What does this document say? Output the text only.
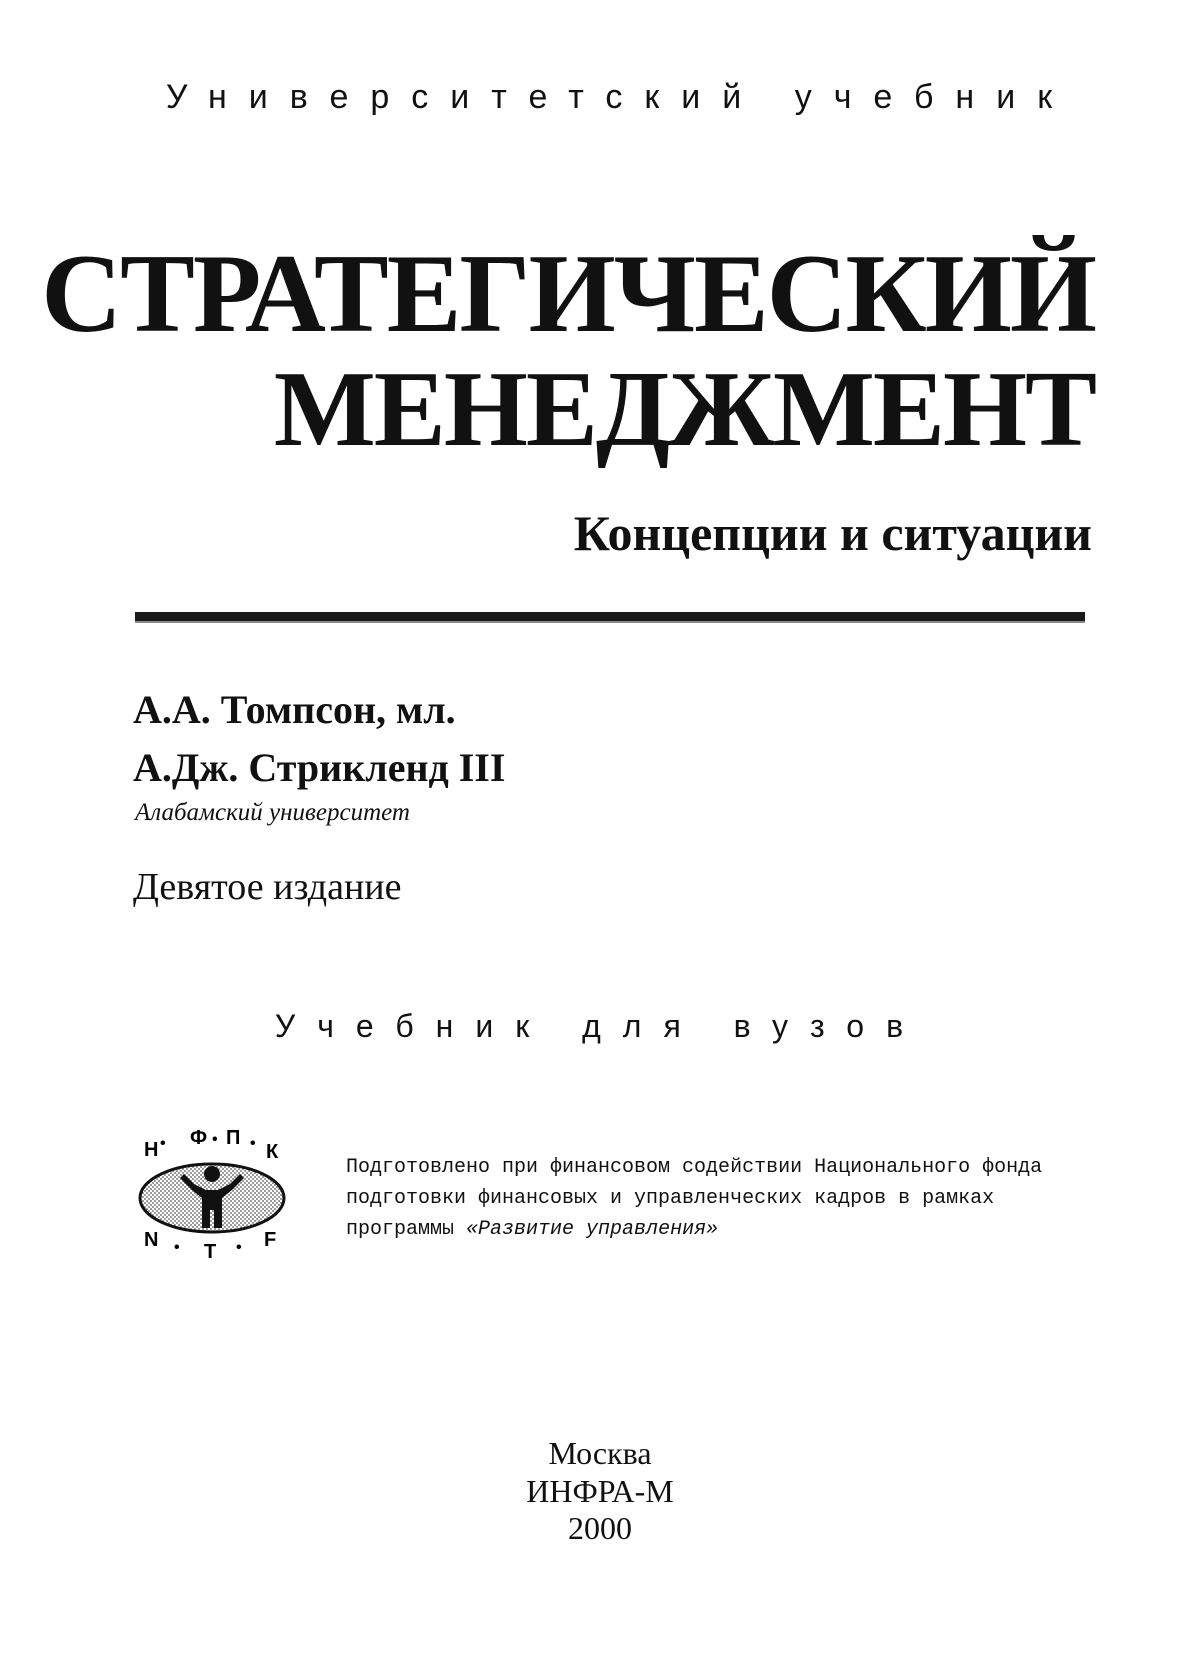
Университетский учебник
СТРАТЕГИЧЕСКИЙ
МЕНЕДЖМЕНТ
Концепции и ситуации
А.А. Томпсон, мл.
А.Дж. Стрикленд III
Алабамский университет
Девятое издание
Учебник для вузов
Н • Ф • П • К
N • T • F
Подготовлено при финансовом содействии Национального фонда подготовки финансовых и управленческих кадров в рамках программы «Развитие управления»
Москва
ИНФРА-М
2000
